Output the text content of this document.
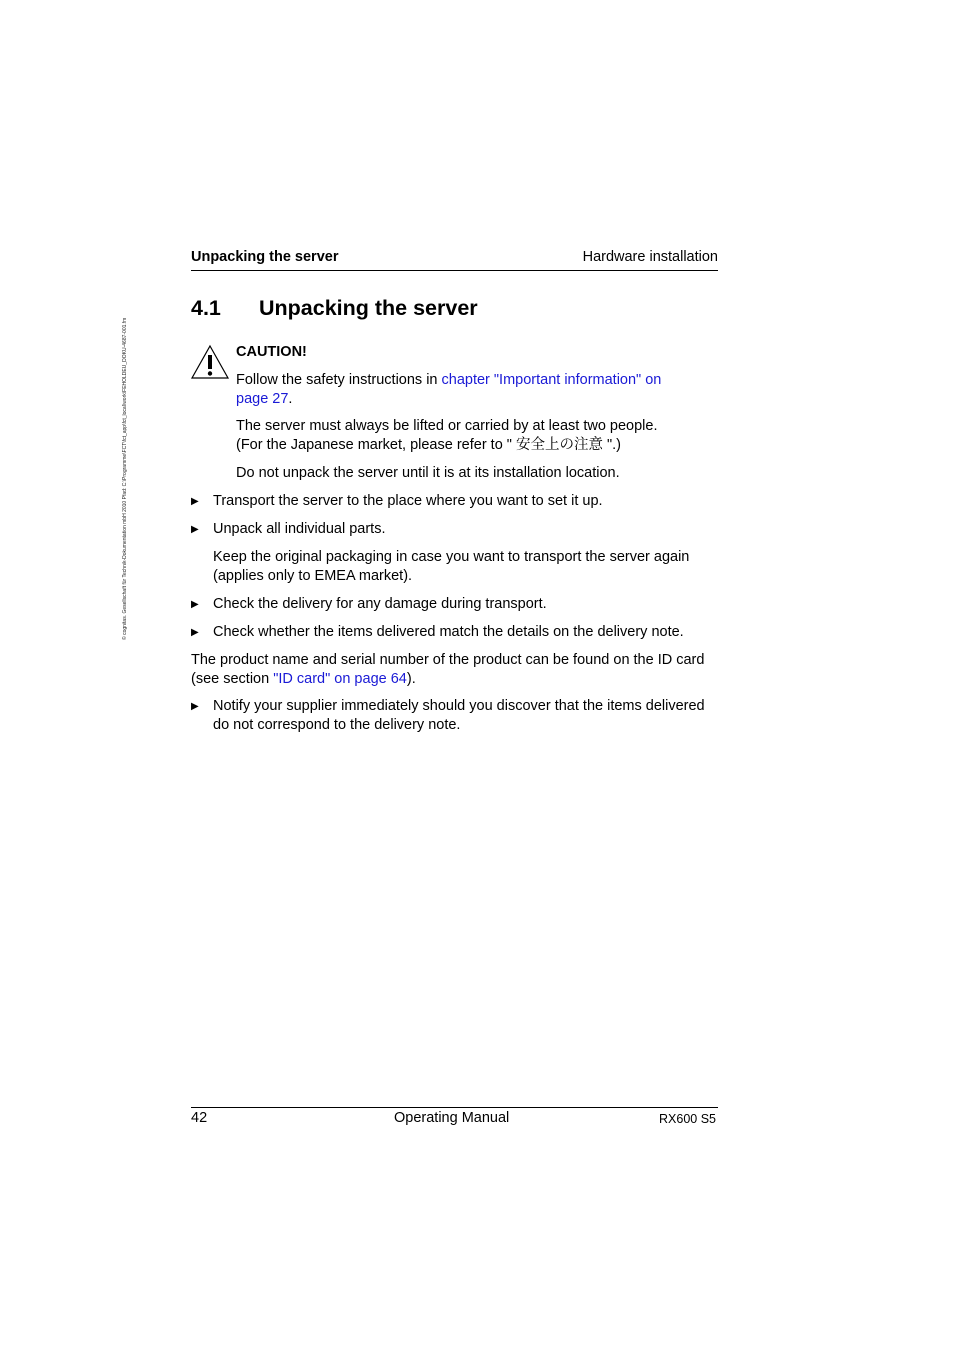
© cognitas. Gesellschaft für Technik-Dokumentation mbH 2010 Pfad: C:\Programme\FCT\fct_app\fct_local\work\FEHOLDEU_DOKU-4687-001.fm
Unpacking the server	Hardware installation
4.1 Unpacking the server
CAUTION!
Follow the safety instructions in chapter "Important information" on
page 27.
The server must always be lifted or carried by at least two people.
(For the Japanese market, please refer to " 安全上の注意 ".)
Do not unpack the server until it is at its installation location.
▶ Transport the server to the place where you want to set it up.
▶ Unpack all individual parts.
Keep the original packaging in case you want to transport the server again
(applies only to EMEA market).
▶ Check the delivery for any damage during transport.
▶ Check whether the items delivered match the details on the delivery note.
The product name and serial number of the product can be found on the ID card
(see section "ID card" on page 64).
▶ Notify your supplier immediately should you discover that the items delivered
do not correspond to the delivery note.
42	Operating Manual	RX600 S5
